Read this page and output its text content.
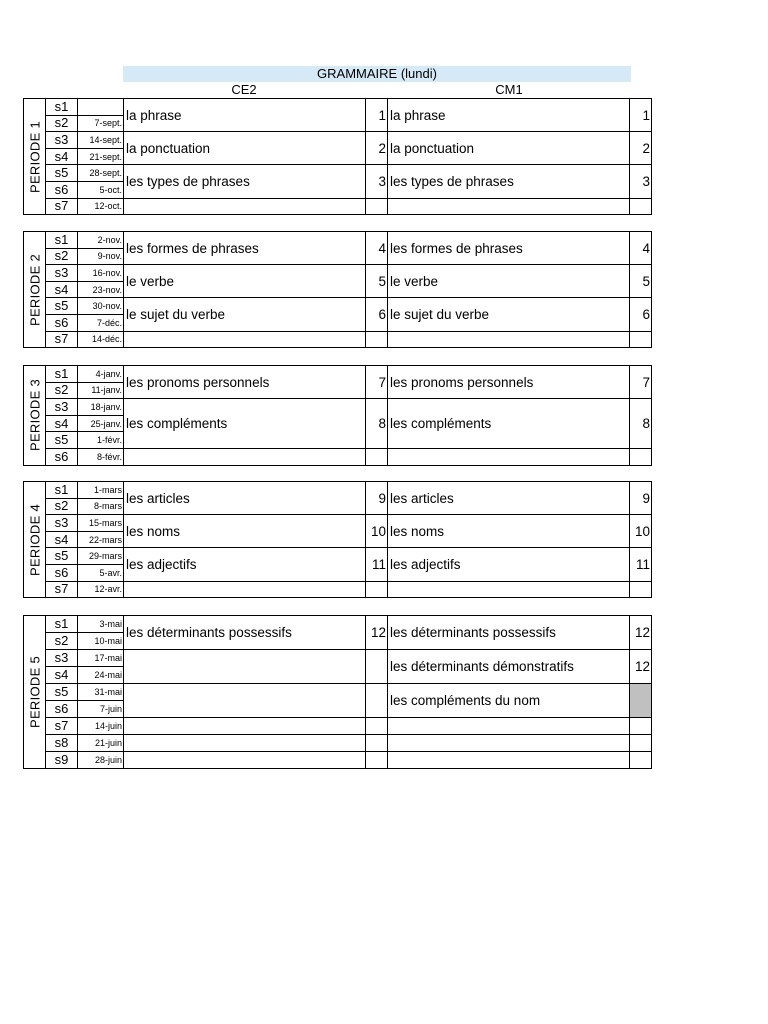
GRAMMAIRE (lundi)
CE2	CM1
PERIODE 1	s1		la phrase	1	la phrase	1
	s2	7-sept.				
	s3	14-sept.	la ponctuation	2	la ponctuation	2
	s4	21-sept.				
	s5	28-sept.	les types de phrases	3	les types de phrases	3
	s6	5-oct.				
	s7	12-oct.				
PERIODE 2	s1	2-nov.	les formes de phrases	4	les formes de phrases	4
	s2	9-nov.				
	s3	16-nov.	le verbe	5	le verbe	5
	s4	23-nov.				
	s5	30-nov.	le sujet du verbe	6	le sujet du verbe	6
	s6	7-déc.				
	s7	14-déc.				
PERIODE 3	s1	4-janv.	les pronoms personnels	7	les pronoms personnels	7
	s2	11-janv.				
	s3	18-janv.	les compléments	8	les compléments	8
	s4	25-janv.				
	s5	1-févr.				
	s6	8-févr.				
PERIODE 4	s1	1-mars	les articles	9	les articles	9
	s2	8-mars				
	s3	15-mars	les noms	10	les noms	10
	s4	22-mars				
	s5	29-mars	les adjectifs	11	les adjectifs	11
	s6	5-avr.				
	s7	12-avr.				
PERIODE 5	s1	3-mai	les déterminants possessifs	12	les déterminants possessifs	12
	s2	10-mai				
	s3	17-mai			les déterminants démonstratifs	12
	s4	24-mai				
	s5	31-mai			les compléments du nom	
	s6	7-juin				
	s7	14-juin				
	s8	21-juin				
	s9	28-juin				
